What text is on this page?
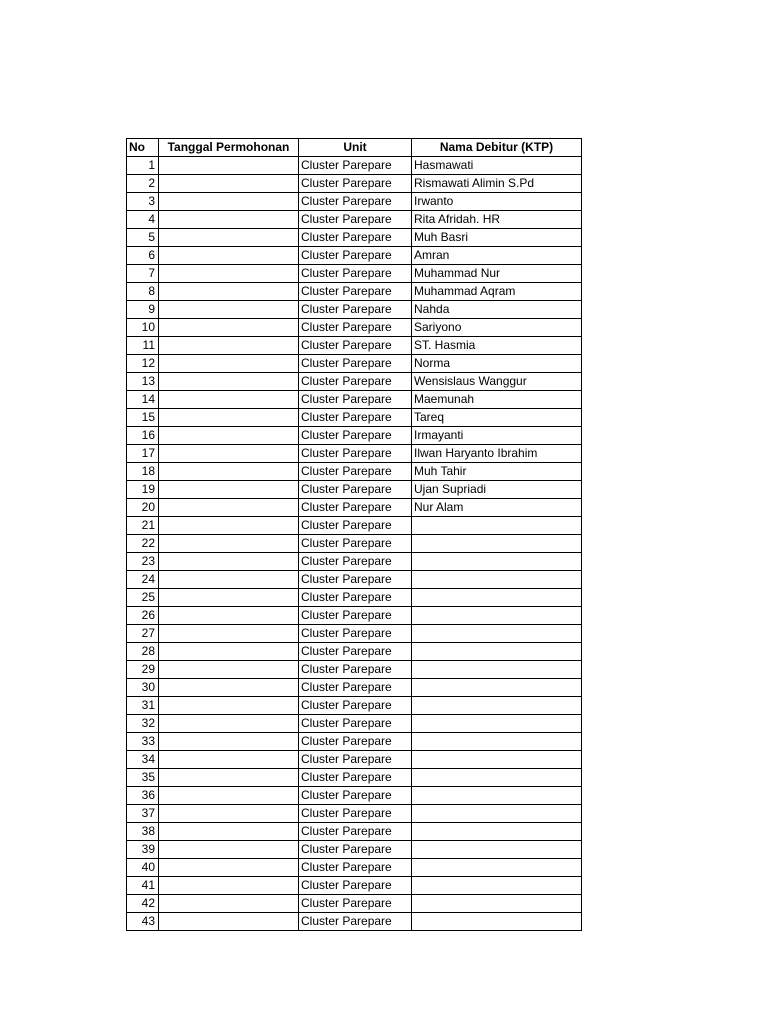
No	Tanggal Permohonan	Unit	Nama Debitur (KTP)
1		Cluster Parepare	Hasmawati
2		Cluster Parepare	Rismawati Alimin S.Pd
3		Cluster Parepare	Irwanto
4		Cluster Parepare	Rita Afridah. HR
5		Cluster Parepare	Muh Basri
6		Cluster Parepare	Amran
7		Cluster Parepare	Muhammad Nur
8		Cluster Parepare	Muhammad Aqram
9		Cluster Parepare	Nahda
10		Cluster Parepare	Sariyono
11		Cluster Parepare	ST. Hasmia
12		Cluster Parepare	Norma
13		Cluster Parepare	Wensislaus Wanggur
14		Cluster Parepare	Maemunah
15		Cluster Parepare	Tareq
16		Cluster Parepare	Irmayanti
17		Cluster Parepare	Ilwan Haryanto Ibrahim
18		Cluster Parepare	Muh Tahir
19		Cluster Parepare	Ujan Supriadi
20		Cluster Parepare	Nur Alam
21		Cluster Parepare	
22		Cluster Parepare	
23		Cluster Parepare	
24		Cluster Parepare	
25		Cluster Parepare	
26		Cluster Parepare	
27		Cluster Parepare	
28		Cluster Parepare	
29		Cluster Parepare	
30		Cluster Parepare	
31		Cluster Parepare	
32		Cluster Parepare	
33		Cluster Parepare	
34		Cluster Parepare	
35		Cluster Parepare	
36		Cluster Parepare	
37		Cluster Parepare	
38		Cluster Parepare	
39		Cluster Parepare	
40		Cluster Parepare	
41		Cluster Parepare	
42		Cluster Parepare	
43		Cluster Parepare	
